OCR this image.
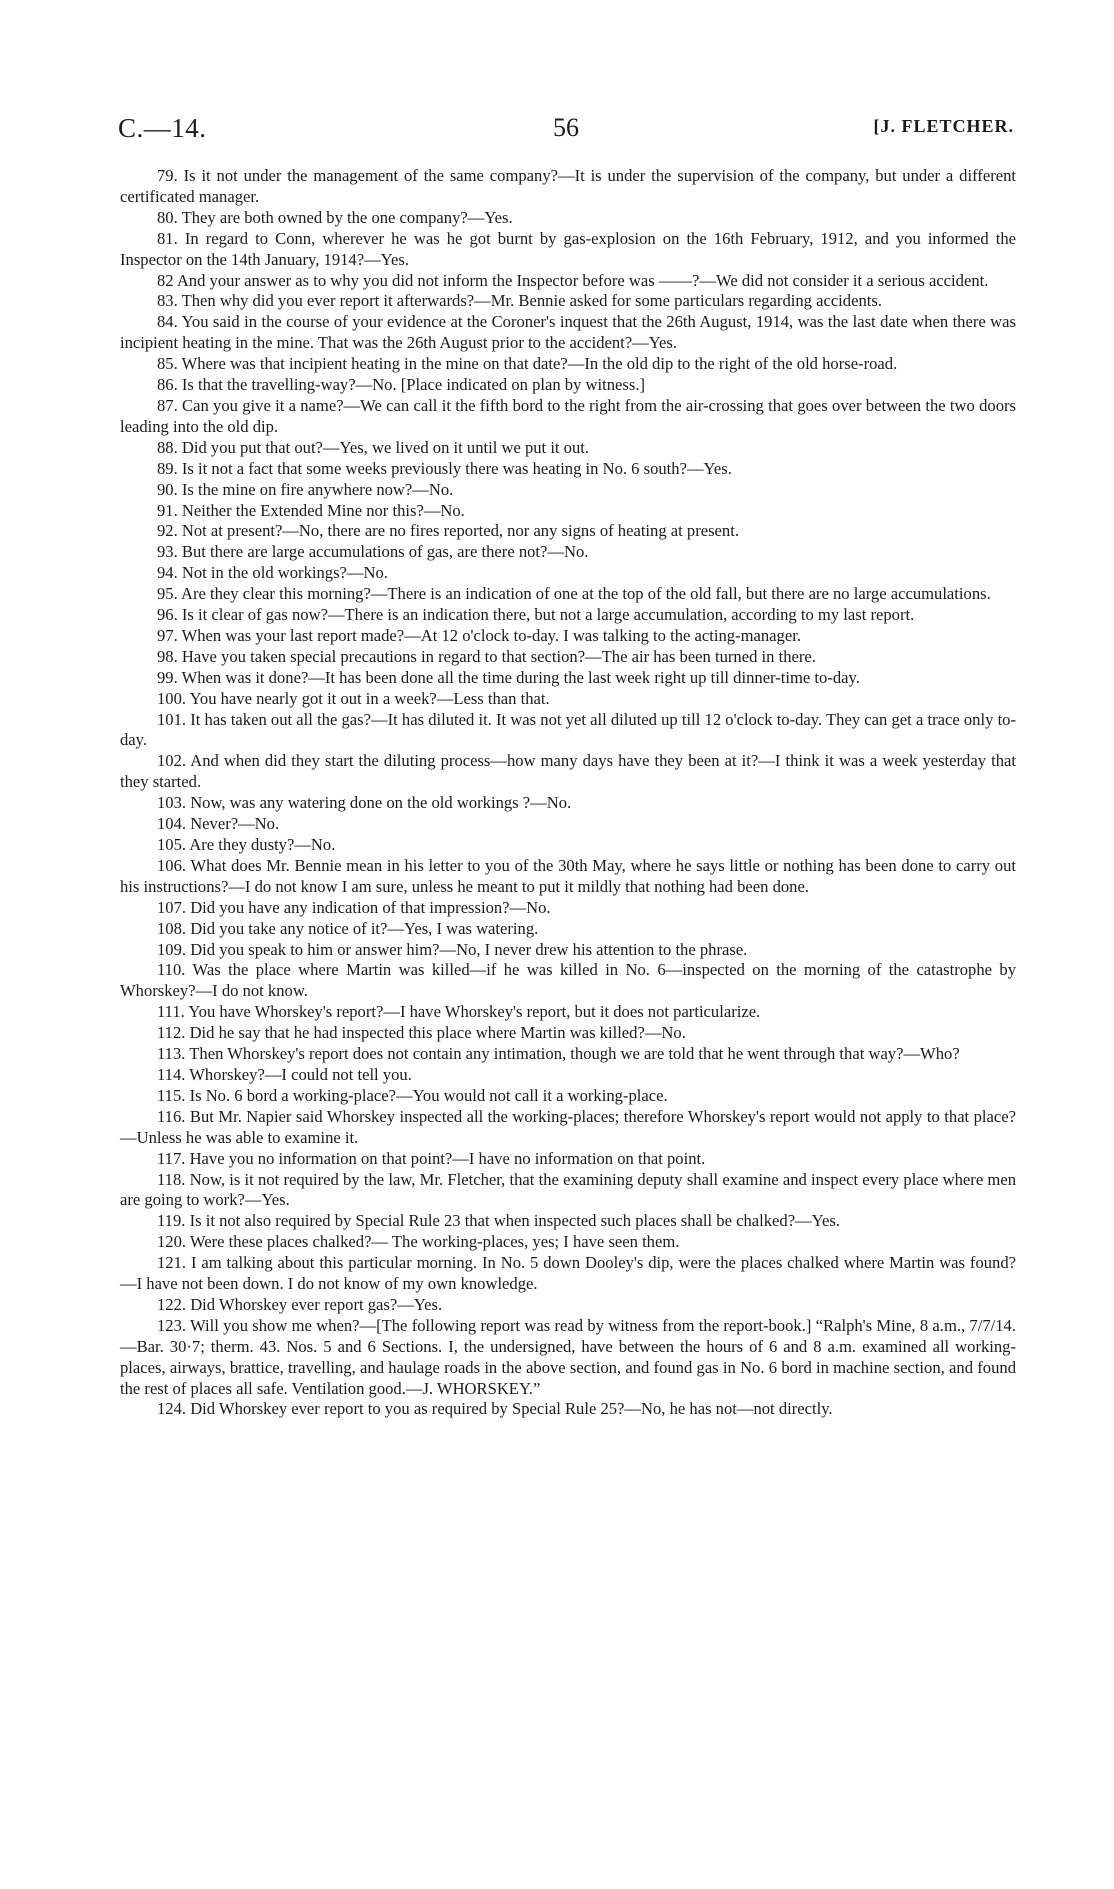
C.—14.	56	[J. FLETCHER.

79. Is it not under the management of the same company?—It is under the supervision of the company, but under a different certificated manager.

80. They are both owned by the one company?—Yes.

81. In regard to Conn, wherever he was he got burnt by gas-explosion on the 16th February, 1912, and you informed the Inspector on the 14th January, 1914?—Yes.

82 And your answer as to why you did not inform the Inspector before was ——?—We did not consider it a serious accident.

83. Then why did you ever report it afterwards?—Mr. Bennie asked for some particulars regarding accidents.

84. You said in the course of your evidence at the Coroner's inquest that the 26th August, 1914, was the last date when there was incipient heating in the mine. That was the 26th August prior to the accident?—Yes.

85. Where was that incipient heating in the mine on that date?—In the old dip to the right of the old horse-road.

86. Is that the travelling-way?—No. [Place indicated on plan by witness.]

87. Can you give it a name?—We can call it the fifth bord to the right from the air-crossing that goes over between the two doors leading into the old dip.

88. Did you put that out?—Yes, we lived on it until we put it out.

89. Is it not a fact that some weeks previously there was heating in No. 6 south?—Yes.

90. Is the mine on fire anywhere now?—No.

91. Neither the Extended Mine nor this?—No.

92. Not at present?—No, there are no fires reported, nor any signs of heating at present.

93. But there are large accumulations of gas, are there not?—No.

94. Not in the old workings?—No.

95. Are they clear this morning?—There is an indication of one at the top of the old fall, but there are no large accumulations.

96. Is it clear of gas now?—There is an indication there, but not a large accumulation, according to my last report.

97. When was your last report made?—At 12 o'clock to-day. I was talking to the acting-manager.

98. Have you taken special precautions in regard to that section?—The air has been turned in there.

99. When was it done?—It has been done all the time during the last week right up till dinner-time to-day.

100. You have nearly got it out in a week?—Less than that.

101. It has taken out all the gas?—It has diluted it. It was not yet all diluted up till 12 o'clock to-day. They can get a trace only to-day.

102. And when did they start the diluting process—how many days have they been at it?—I think it was a week yesterday that they started.

103. Now, was any watering done on the old workings ?—No.

104. Never?—No.

105. Are they dusty?—No.

106. What does Mr. Bennie mean in his letter to you of the 30th May, where he says little or nothing has been done to carry out his instructions?—I do not know I am sure, unless he meant to put it mildly that nothing had been done.

107. Did you have any indication of that impression?—No.

108. Did you take any notice of it?—Yes, I was watering.

109. Did you speak to him or answer him?—No, I never drew his attention to the phrase.

110. Was the place where Martin was killed—if he was killed in No. 6—inspected on the morning of the catastrophe by Whorskey?—I do not know.

111. You have Whorskey's report?—I have Whorskey's report, but it does not particularize.

112. Did he say that he had inspected this place where Martin was killed?—No.

113. Then Whorskey's report does not contain any intimation, though we are told that he went through that way?—Who?

114. Whorskey?—I could not tell you.

115. Is No. 6 bord a working-place?—You would not call it a working-place.

116. But Mr. Napier said Whorskey inspected all the working-places; therefore Whorskey's report would not apply to that place?—Unless he was able to examine it.

117. Have you no information on that point?—I have no information on that point.

118. Now, is it not required by the law, Mr. Fletcher, that the examining deputy shall examine and inspect every place where men are going to work?—Yes.

119. Is it not also required by Special Rule 23 that when inspected such places shall be chalked?—Yes.

120. Were these places chalked?— The working-places, yes; I have seen them.

121. I am talking about this particular morning. In No. 5 down Dooley's dip, were the places chalked where Martin was found?—I have not been down. I do not know of my own knowledge.

122. Did Whorskey ever report gas?—Yes.

123. Will you show me when?—[The following report was read by witness from the report-book.] “Ralph's Mine, 8 a.m., 7/7/14.—Bar. 30·7; therm. 43. Nos. 5 and 6 Sections. I, the undersigned, have between the hours of 6 and 8 a.m. examined all working-places, airways, brattice, travelling, and haulage roads in the above section, and found gas in No. 6 bord in machine section, and found the rest of places all safe. Ventilation good.—J. WHORSKEY.”

124. Did Whorskey ever report to you as required by Special Rule 25?—No, he has not—not directly.
